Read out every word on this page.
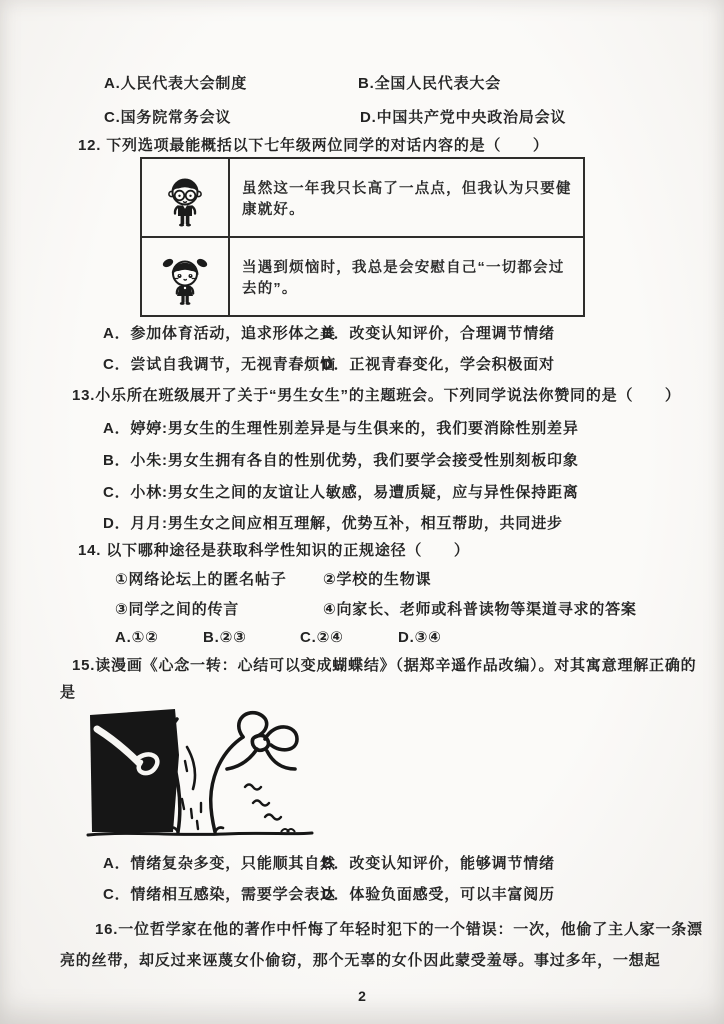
A.人民代表大会制度	B.全国人民代表大会
C.国务院常务会议	D.中国共产党中央政治局会议
12. 下列选项最能概括以下七年级两位同学的对话内容的是（　　）
虽然这一年我只长高了一点点，但我认为只要健康就好。
当遇到烦恼时，我总是会安慰自己“一切都会过去的”。
A．参加体育活动，追求形体之美
B．改变认知评价，合理调节情绪
C．尝试自我调节，无视青春烦恼
D．正视青春变化，学会积极面对
13.小乐所在班级展开了关于“男生女生”的主题班会。下列同学说法你赞同的是（　　）
A．婷婷:男女生的生理性别差异是与生俱来的，我们要消除性别差异
B．小朱:男女生拥有各自的性别优势，我们要学会接受性别刻板印象
C．小林:男女生之间的友谊让人敏感，易遭质疑，应与异性保持距离
D．月月:男生女之间应相互理解，优势互补，相互帮助，共同进步
14. 以下哪种途径是获取科学性知识的正规途径（　　）
①网络论坛上的匿名帖子 ②学校的生物课
③同学之间的传言	④向家长、老师或科普读物等渠道寻求的答案
A.①②	B.②③	C.②④	D.③④
15.读漫画《心念一转：心结可以变成蝴蝶结》（据郑辛遥作品改编）。对其寓意理解正确的
是
A．情绪复杂多变，只能顺其自然
B．改变认知评价，能够调节情绪
C．情绪相互感染，需要学会表达
D．体验负面感受，可以丰富阅历
16.一位哲学家在他的著作中忏悔了年轻时犯下的一个错误：一次，他偷了主人家一条漂
亮的丝带，却反过来诬蔑女仆偷窃，那个无辜的女仆因此蒙受羞辱。事过多年，一想起
2
